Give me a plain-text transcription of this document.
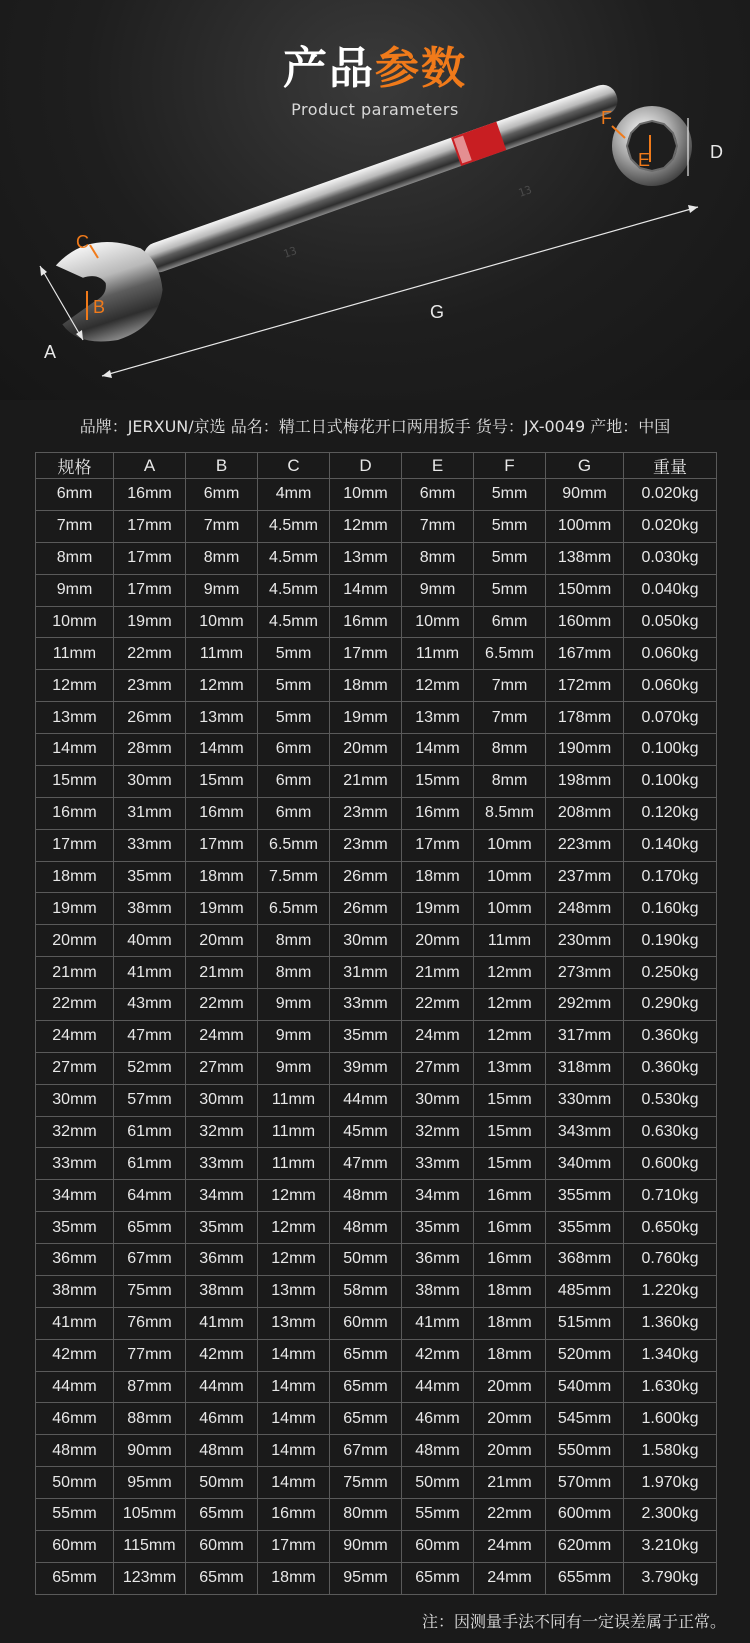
产品参数
Product parameters
13
13
A
B
C
D
E
F
G
品牌：JERXUN/京选 品名：精工日式梅花开口两用扳手 货号：JX-0049 产地：中国
规格	A	B	C	D	E	F	G	重量
6mm	16mm	6mm	4mm	10mm	6mm	5mm	90mm	0.020kg
7mm	17mm	7mm	4.5mm	12mm	7mm	5mm	100mm	0.020kg
8mm	17mm	8mm	4.5mm	13mm	8mm	5mm	138mm	0.030kg
9mm	17mm	9mm	4.5mm	14mm	9mm	5mm	150mm	0.040kg
10mm	19mm	10mm	4.5mm	16mm	10mm	6mm	160mm	0.050kg
11mm	22mm	11mm	5mm	17mm	11mm	6.5mm	167mm	0.060kg
12mm	23mm	12mm	5mm	18mm	12mm	7mm	172mm	0.060kg
13mm	26mm	13mm	5mm	19mm	13mm	7mm	178mm	0.070kg
14mm	28mm	14mm	6mm	20mm	14mm	8mm	190mm	0.100kg
15mm	30mm	15mm	6mm	21mm	15mm	8mm	198mm	0.100kg
16mm	31mm	16mm	6mm	23mm	16mm	8.5mm	208mm	0.120kg
17mm	33mm	17mm	6.5mm	23mm	17mm	10mm	223mm	0.140kg
18mm	35mm	18mm	7.5mm	26mm	18mm	10mm	237mm	0.170kg
19mm	38mm	19mm	6.5mm	26mm	19mm	10mm	248mm	0.160kg
20mm	40mm	20mm	8mm	30mm	20mm	11mm	230mm	0.190kg
21mm	41mm	21mm	8mm	31mm	21mm	12mm	273mm	0.250kg
22mm	43mm	22mm	9mm	33mm	22mm	12mm	292mm	0.290kg
24mm	47mm	24mm	9mm	35mm	24mm	12mm	317mm	0.360kg
27mm	52mm	27mm	9mm	39mm	27mm	13mm	318mm	0.360kg
30mm	57mm	30mm	11mm	44mm	30mm	15mm	330mm	0.530kg
32mm	61mm	32mm	11mm	45mm	32mm	15mm	343mm	0.630kg
33mm	61mm	33mm	11mm	47mm	33mm	15mm	340mm	0.600kg
34mm	64mm	34mm	12mm	48mm	34mm	16mm	355mm	0.710kg
35mm	65mm	35mm	12mm	48mm	35mm	16mm	355mm	0.650kg
36mm	67mm	36mm	12mm	50mm	36mm	16mm	368mm	0.760kg
38mm	75mm	38mm	13mm	58mm	38mm	18mm	485mm	1.220kg
41mm	76mm	41mm	13mm	60mm	41mm	18mm	515mm	1.360kg
42mm	77mm	42mm	14mm	65mm	42mm	18mm	520mm	1.340kg
44mm	87mm	44mm	14mm	65mm	44mm	20mm	540mm	1.630kg
46mm	88mm	46mm	14mm	65mm	46mm	20mm	545mm	1.600kg
48mm	90mm	48mm	14mm	67mm	48mm	20mm	550mm	1.580kg
50mm	95mm	50mm	14mm	75mm	50mm	21mm	570mm	1.970kg
55mm	105mm	65mm	16mm	80mm	55mm	22mm	600mm	2.300kg
60mm	115mm	60mm	17mm	90mm	60mm	24mm	620mm	3.210kg
65mm	123mm	65mm	18mm	95mm	65mm	24mm	655mm	3.790kg
注：因测量手法不同有一定误差属于正常。
